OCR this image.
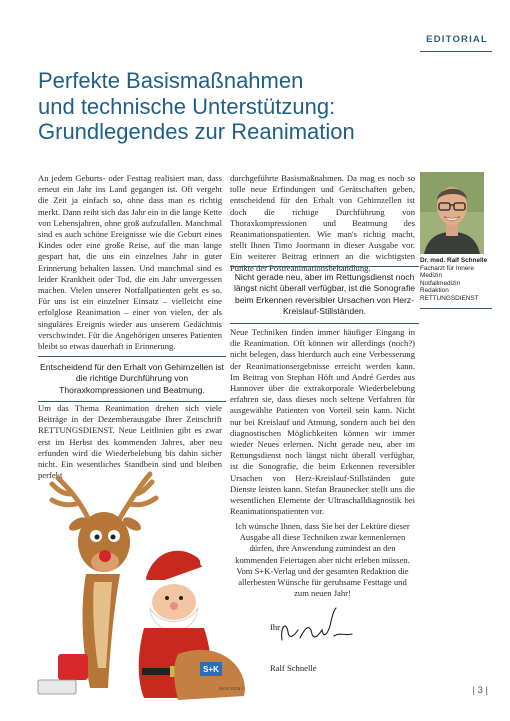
EDITORIAL
Perfekte Basismaßnahmen
und technische Unterstützung:
Grundlegendes zur Reanimation

An jedem Geburts- oder Festtag realisiert man, dass erneut ein Jahr ins Land gegangen ist. Oft vergeht die Zeit ja einfach so, ohne dass man es richtig merkt. Dann reiht sich das Jahr ein in die lange Kette von Lebensjahren, ohne groß aufzufallen. Manchmal sind es auch schöne Ereignisse wie die Geburt eines Kindes oder eine große Reise, auf die man lange gespart hat, die uns ein einzelnes Jahr in guter Erinnerung behalten lassen. Und manchmal sind es leider Krankheit oder Tod, die ein Jahr unvergessen machen. Vielen unserer Notfallpatienten geht es so. Für uns ist ein einzelner Einsatz – vielleicht eine erfolglose Reanimation – einer von vielen, der als singuläres Ereignis wieder aus unserem Gedächtnis verschwindet. Für die Angehörigen unseres Patienten bleibt so etwas dauerhaft in Erinnerung.

Entscheidend für den Erhalt von Gehirnzellen ist die richtige Durchführung von Thoraxkompressionen und Beatmung.

Um das Thema Reanimation drehen sich viele Beiträge in der Dezemberausgabe Ihrer Zeitschrift RETTUNGSDIENST. Neue Leitlinien gibt es zwar erst im Herbst des kommenden Jahres, aber neu erfunden wird die Wiederbelebung bis dahin sicher nicht. Ein wesentliches Standbein sind und bleiben perfekt

durchgeführte Basismaßnahmen. Da mag es noch so tolle neue Erfindungen und Gerätschaften geben, entscheidend für den Erhalt von Gehirnzellen ist doch die richtige Durchführung von Thoraxkompressionen und Beatmung des Reanimationspatienten. Wie man's richtig macht, stellt Ihnen Timo Joormann in dieser Ausgabe vor. Ein weiterer Beitrag erinnert an die wichtigsten Punkte der Postreanimationsbehandlung.

Nicht gerade neu, aber im Rettungsdienst noch längst nicht überall verfügbar, ist die Sonografie beim Erkennen reversibler Ursachen von Herz-Kreislauf-Stillständen.

Neue Techniken finden immer häufiger Eingang in die Reanimation. Oft können wir allerdings (noch?) nicht belegen, dass hierdurch auch eine Verbesserung der Reanimationsergebnisse erreicht werden kann. Im Beitrag von Stephan Höft und André Gerdes aus Hannover über die extrakorporale Wiederbelebung erfahren sie, dass dieses noch seltene Verfahren für ausgewählte Patienten von Vorteil sein kann. Nicht nur bei Kreislauf und Atmung, sondern auch bei den diagnostischen Möglichkeiten können wir immer wieder Neues erlernen. Nicht gerade neu, aber im Rettungsdienst noch längst nicht überall verfügbar, ist die Sonografie, die beim Erkennen reversibler Ursachen von Herz-Kreislauf-Stillständen gute Dienste leisten kann. Stefan Braunecker stellt uns die wesentlichen Elemente der Ultraschalldiagnostik bei Reanimationspatienten vor.

Ich wünsche Ihnen, dass Sie bei der Lektüre dieser Ausgabe all diese Techniken zwar kennenlernen dürfen, ihre Anwendung zumindest an den kommenden Feiertagen aber nicht erleben müssen. Vom S+K-Verlag und der gesamten Redaktion die allerbesten Wünsche für geruhsame Festtage und zum neuen Jahr!

Ihr
Ralf Schnelle
Dr. med. Ralf Schnelle
Facharzt für Innere
Medizin
Notfallmedizin
Redaktion
RETTUNGSDIENST
S+K
MAX 2016 ©	| 3 |
